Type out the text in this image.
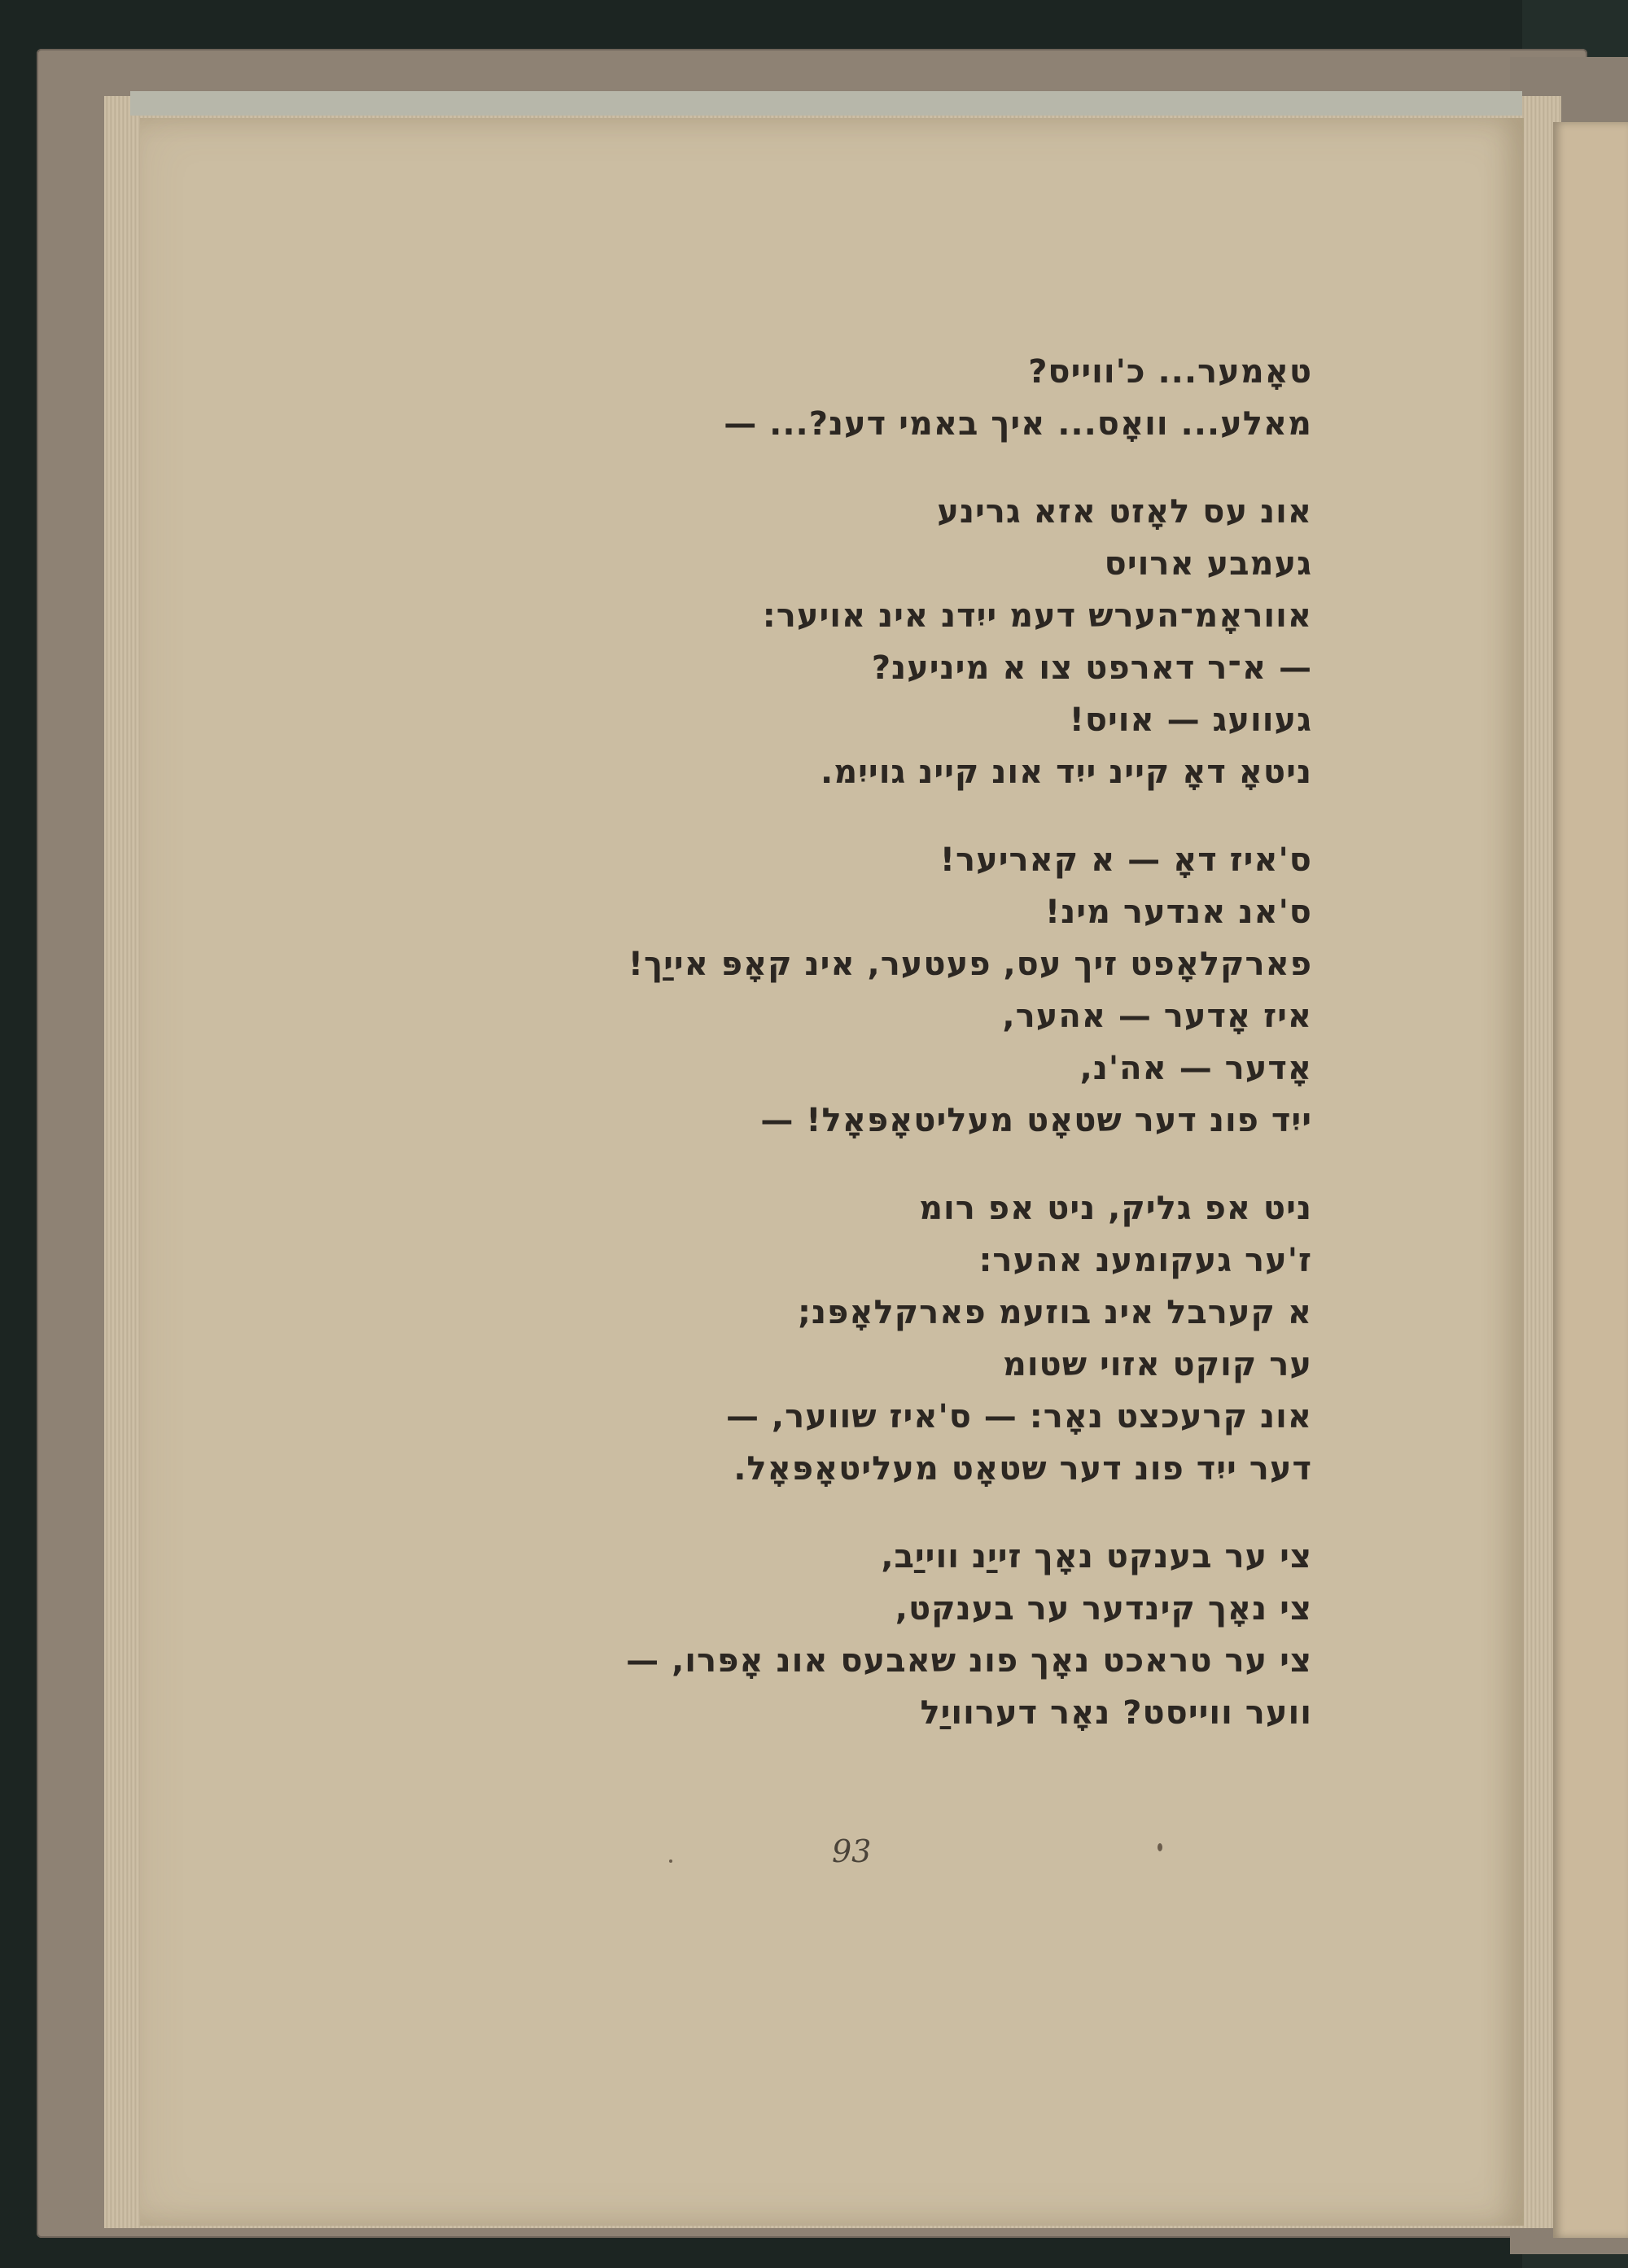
טאָמער... כ'ווייס?
מאלע... וואָס... איך באמי דענ?... —
אונ עס לאָזט אזא גרינע
געמבע ארויס
אווראָמ־הערש דעמ ייִדנ אינ אויער:
— א־ר דארפט צו א מיניענ?
געוועג — אויס!
ניטאָ דאָ קיינ ייִד אונ קיינ גוייִמ.
ס'איז דאָ — א קאריער!
ס'אנ אנדער מינ!
פארקלאָפט זיך עס, פעטער, אינ קאָפּ אייַך!
איז אָדער — אהער,
אָדער — אה'נ,
ייִד פונ דער שטאָט מעליטאָפּאָל! —
ניט אפ גליק, ניט אפ רומ
ז'ער געקומענ אהער:
א קערבל אינ בוזעמ פארקלאָפּנ;
ער קוקט אזוי שטומ
אונ קרעכצט נאָר: — ס'איז שווער, —
דער ייִד פונ דער שטאָט מעליטאָפּאָל.
צי ער בענקט נאָך זייַנ ווייַב,
צי נאָך קינדער ער בענקט,
צי ער טראכט נאָך פונ שאבעס אונ אָפּרו, —
ווער ווייסט? נאָר דערוויַל
93
